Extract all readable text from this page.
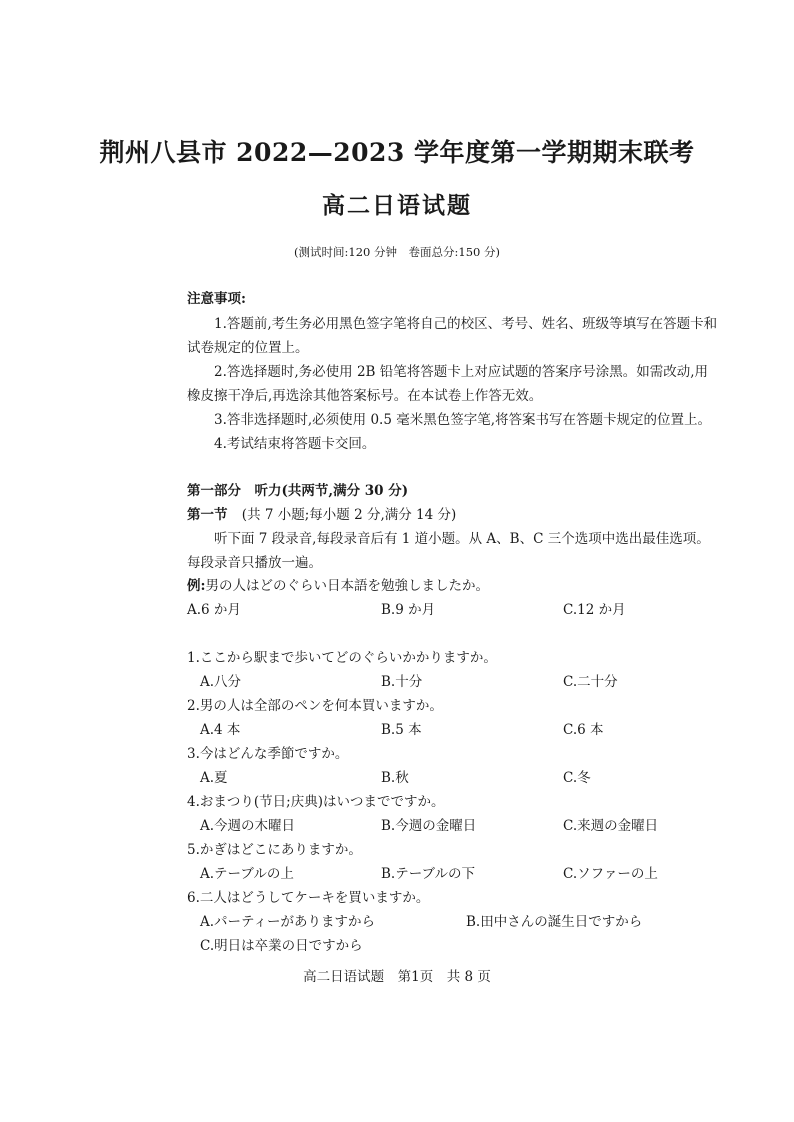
荆州八县市 2022—2023 学年度第一学期期末联考
高二日语试题
(测试时间:120 分钟　卷面总分:150 分)
注意事项:
1.答题前,考生务必用黑色签字笔将自己的校区、考号、姓名、班级等填写在答题卡和
试卷规定的位置上。
2.答选择题时,务必使用 2B 铅笔将答题卡上对应试题的答案序号涂黑。如需改动,用
橡皮擦干净后,再选涂其他答案标号。在本试卷上作答无效。
3.答非选择题时,必须使用 0.5 毫米黑色签字笔,将答案书写在答题卡规定的位置上。
4.考试结束将答题卡交回。
第一部分　听力(共两节,满分 30 分)
第一节 (共 7 小题;每小题 2 分,满分 14 分)
听下面 7 段录音,每段录音后有 1 道小题。从 A、B、C 三个选项中选出最佳选项。
每段录音只播放一遍。
例:男の人はどのぐらい日本語を勉強しましたか。
A.6 か月	B.9 か月	C.12 か月
1.ここから駅まで歩いてどのぐらいかかりますか。
A.八分	B.十分	C.二十分
2.男の人は全部のペンを何本買いますか。
A.4 本	B.5 本	C.6 本
3.今はどんな季節ですか。
A.夏	B.秋	C.冬
4.おまつり(节日;庆典)はいつまでですか。
A.今週の木曜日	B.今週の金曜日	C.来週の金曜日
5.かぎはどこにありますか。
A.テーブルの上	B.テーブルの下	C.ソファーの上
6.二人はどうしてケーキを買いますか。
A.パーティーがありますから	B.田中さんの誕生日ですから
C.明日は卒業の日ですから
高二日语试题　第1页　共 8 页
